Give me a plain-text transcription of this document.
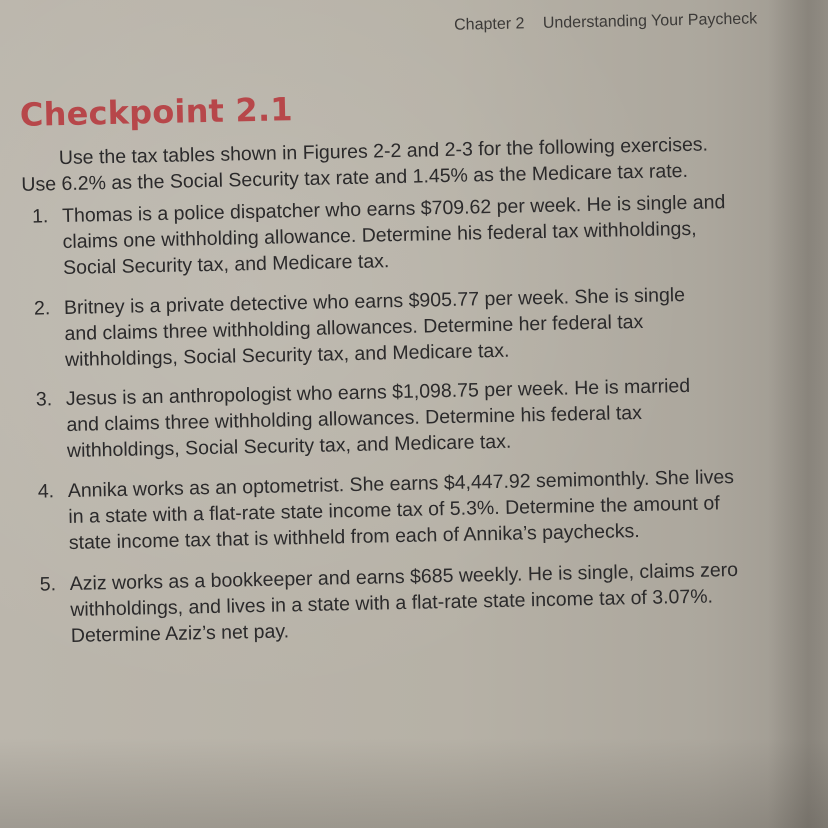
Chapter 2 Understanding Your Paycheck
Checkpoint 2.1

Use the tax tables shown in Figures 2-2 and 2-3 for the following exercises.

Use 6.2% as the Social Security tax rate and 1.45% as the Medicare tax rate.

1. Thomas is a police dispatcher who earns $709.62 per week. He is single and
claims one withholding allowance. Determine his federal tax withholdings,
Social Security tax, and Medicare tax.
2. Britney is a private detective who earns $905.77 per week. She is single
and claims three withholding allowances. Determine her federal tax
withholdings, Social Security tax, and Medicare tax.
3. Jesus is an anthropologist who earns $1,098.75 per week. He is married
and claims three withholding allowances. Determine his federal tax
withholdings, Social Security tax, and Medicare tax.
4. Annika works as an optometrist. She earns $4,447.92 semimonthly. She lives
in a state with a flat-rate state income tax of 5.3%. Determine the amount of
state income tax that is withheld from each of Annika’s paychecks.
5. Aziz works as a bookkeeper and earns $685 weekly. He is single, claims zero
withholdings, and lives in a state with a flat-rate state income tax of 3.07%.
Determine Aziz’s net pay.
